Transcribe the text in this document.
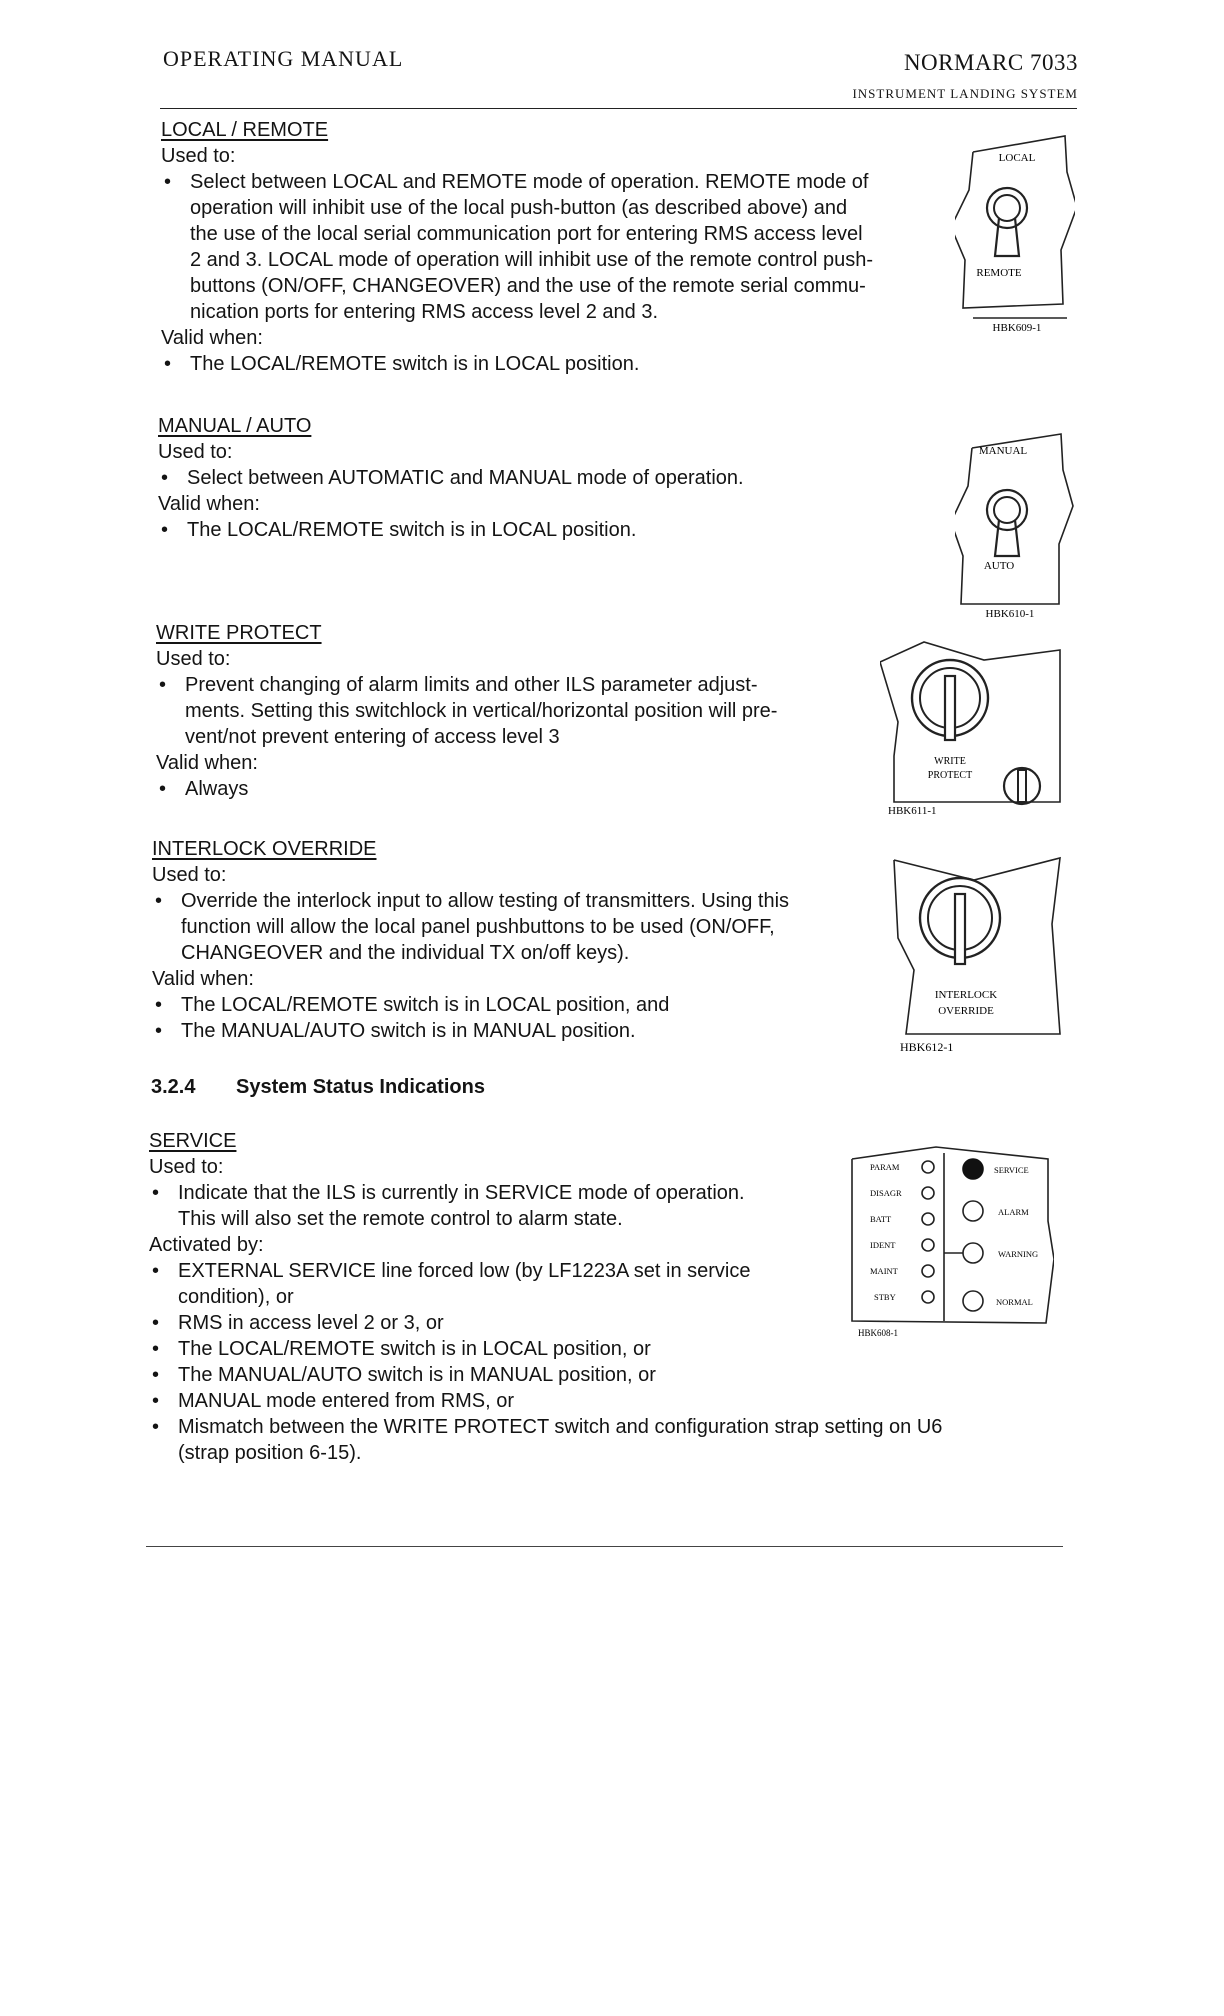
OPERATING MANUAL	NORMARC 7033
INSTRUMENT LANDING SYSTEM
LOCAL / REMOTE
Used to:
• Select between LOCAL and REMOTE mode of operation. REMOTE mode of
operation will inhibit use of the local push-button (as described above) and
the use of the local serial communication port for entering RMS access level
2 and 3. LOCAL mode of operation will inhibit use of the remote control push-
buttons (ON/OFF, CHANGEOVER) and the use of the remote serial commu-
nication ports for entering RMS access level 2 and 3.
Valid when:
• The LOCAL/REMOTE switch is in LOCAL position.
MANUAL / AUTO
Used to:
• Select between AUTOMATIC and MANUAL mode of operation.
Valid when:
• The LOCAL/REMOTE switch is in LOCAL position.
WRITE PROTECT
Used to:
• Prevent changing of alarm limits and other ILS parameter adjust-
ments. Setting this switchlock in vertical/horizontal position will pre-
vent/not prevent entering of access level 3
Valid when:
• Always
INTERLOCK OVERRIDE
Used to:
• Override the interlock input to allow testing of transmitters. Using this
function will allow the local panel pushbuttons to be used (ON/OFF,
CHANGEOVER and the individual TX on/off keys).
Valid when:
• The LOCAL/REMOTE switch is in LOCAL position, and
• The MANUAL/AUTO switch is in MANUAL position.
3.2.4 System Status Indications
SERVICE
Used to:
• Indicate that the ILS is currently in SERVICE mode of operation.
This will also set the remote control to alarm state.
Activated by:
• EXTERNAL SERVICE line forced low (by LF1223A set in service
condition), or
• RMS in access level 2 or 3, or
• The LOCAL/REMOTE switch is in LOCAL position, or
• The MANUAL/AUTO switch is in MANUAL position, or
• MANUAL mode entered from RMS, or
• Mismatch between the WRITE PROTECT switch and configuration strap setting on U6
(strap position 6-15).
LOCAL
REMOTE
HBK609-1
MANUAL
AUTO
HBK610-1
WRITE
PROTECT
HBK611-1
INTERLOCK
OVERRIDE
HBK612-1
PARAM
DISAGR
BATT
IDENT
MAINT
STBY
SERVICE
ALARM
WARNING
NORMAL
HBK608-1
